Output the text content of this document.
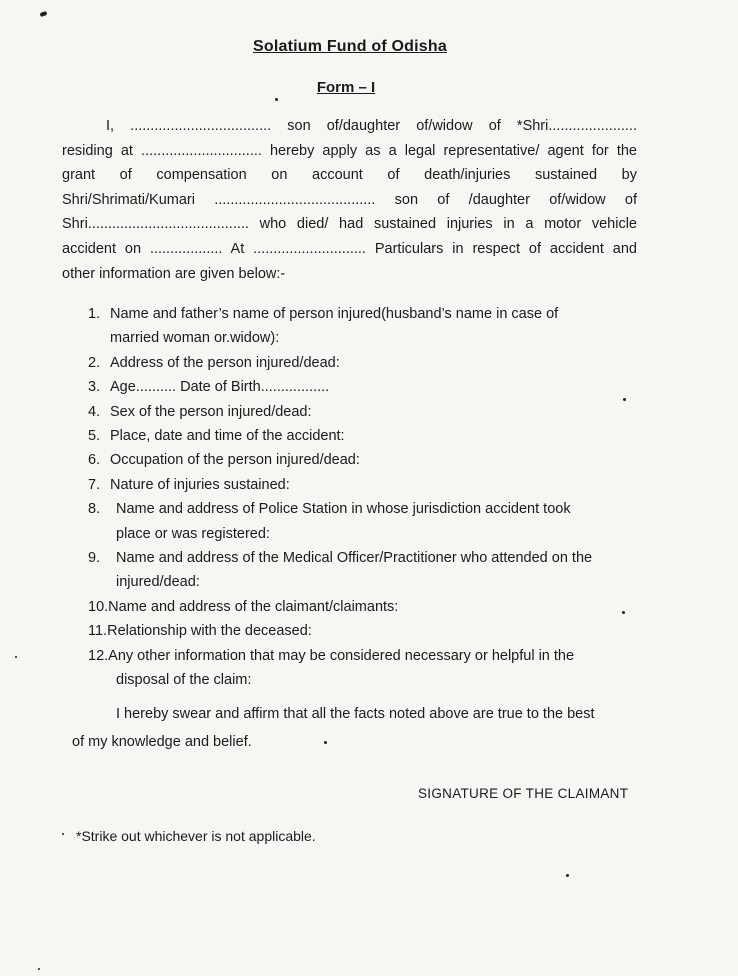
Solatium Fund of Odisha
Form – I
I, ................................... son of/daughter of/widow of *Shri......................
residing at .............................. hereby apply as a legal representative/ agent for the
grant of compensation on account of death/injuries sustained by
Shri/Shrimati/Kumari ........................................ son of /daughter of/widow of
Shri........................................ who died/ had sustained injuries in a motor vehicle
accident on .................. At ............................ Particulars in respect of accident and
other information are given below:-
1. Name and father’s name of person injured(husband’s name in case of
married woman or.widow):
2. Address of the person injured/dead:
3. Age.......... Date of Birth.................
4. Sex of the person injured/dead:
5. Place, date and time of the accident:
6. Occupation of the person injured/dead:
7. Nature of injuries sustained:
8. Name and address of Police Station in whose jurisdiction accident took
place or was registered:
9. Name and address of the Medical Officer/Practitioner who attended on the
injured/dead:
10.Name and address of the claimant/claimants:
11.Relationship with the deceased:
12.Any other information that may be considered necessary or helpful in the
disposal of the claim:
I hereby swear and affirm that all the facts noted above are true to the best
of my knowledge and belief.
SIGNATURE OF THE CLAIMANT
*Strike out whichever is not applicable.
